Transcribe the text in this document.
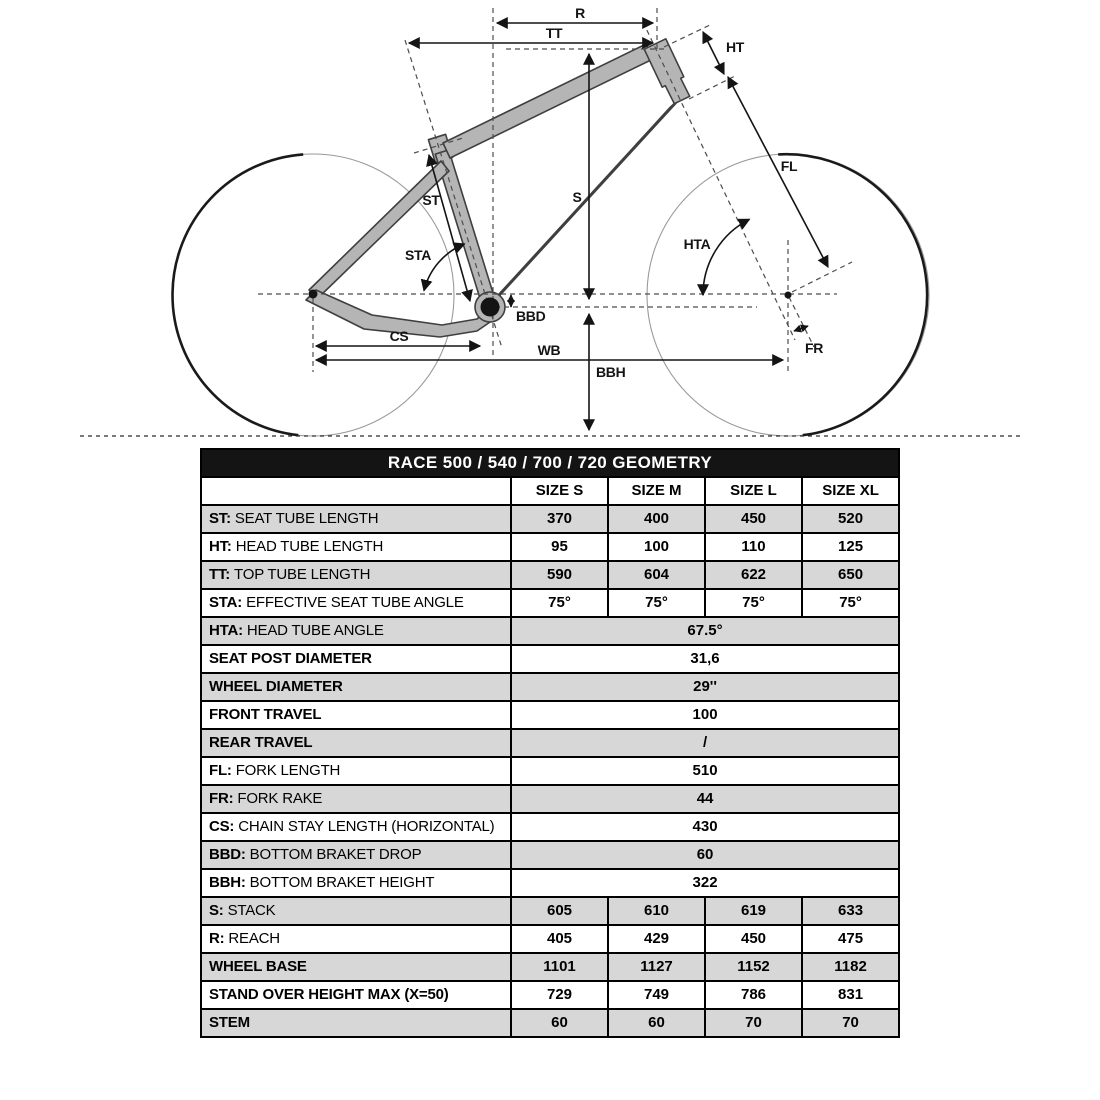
R
TT
HT
FL
S
ST
STA
HTA
BBD
CS
WB
BBH
FR
RACE 500 / 540 / 700 / 720 GEOMETRY				
	SIZE S	SIZE M	SIZE L	SIZE XL
ST: SEAT TUBE LENGTH	370	400	450	520
HT: HEAD TUBE LENGTH	95	100	110	125
TT: TOP TUBE LENGTH	590	604	622	650
STA: EFFECTIVE SEAT TUBE ANGLE	75°	75°	75°	75°
HTA: HEAD TUBE ANGLE	67.5°			
SEAT POST DIAMETER	31,6			
WHEEL DIAMETER	29''			
FRONT TRAVEL	100			
REAR TRAVEL	/			
FL: FORK LENGTH	510			
FR: FORK RAKE	44			
CS: CHAIN STAY LENGTH (HORIZONTAL)	430			
BBD: BOTTOM BRAKET DROP	60			
BBH: BOTTOM BRAKET HEIGHT	322			
S: STACK	605	610	619	633
R: REACH	405	429	450	475
WHEEL BASE	1101	1127	1152	1182
STAND OVER HEIGHT MAX (X=50)	729	749	786	831
STEM	60	60	70	70
